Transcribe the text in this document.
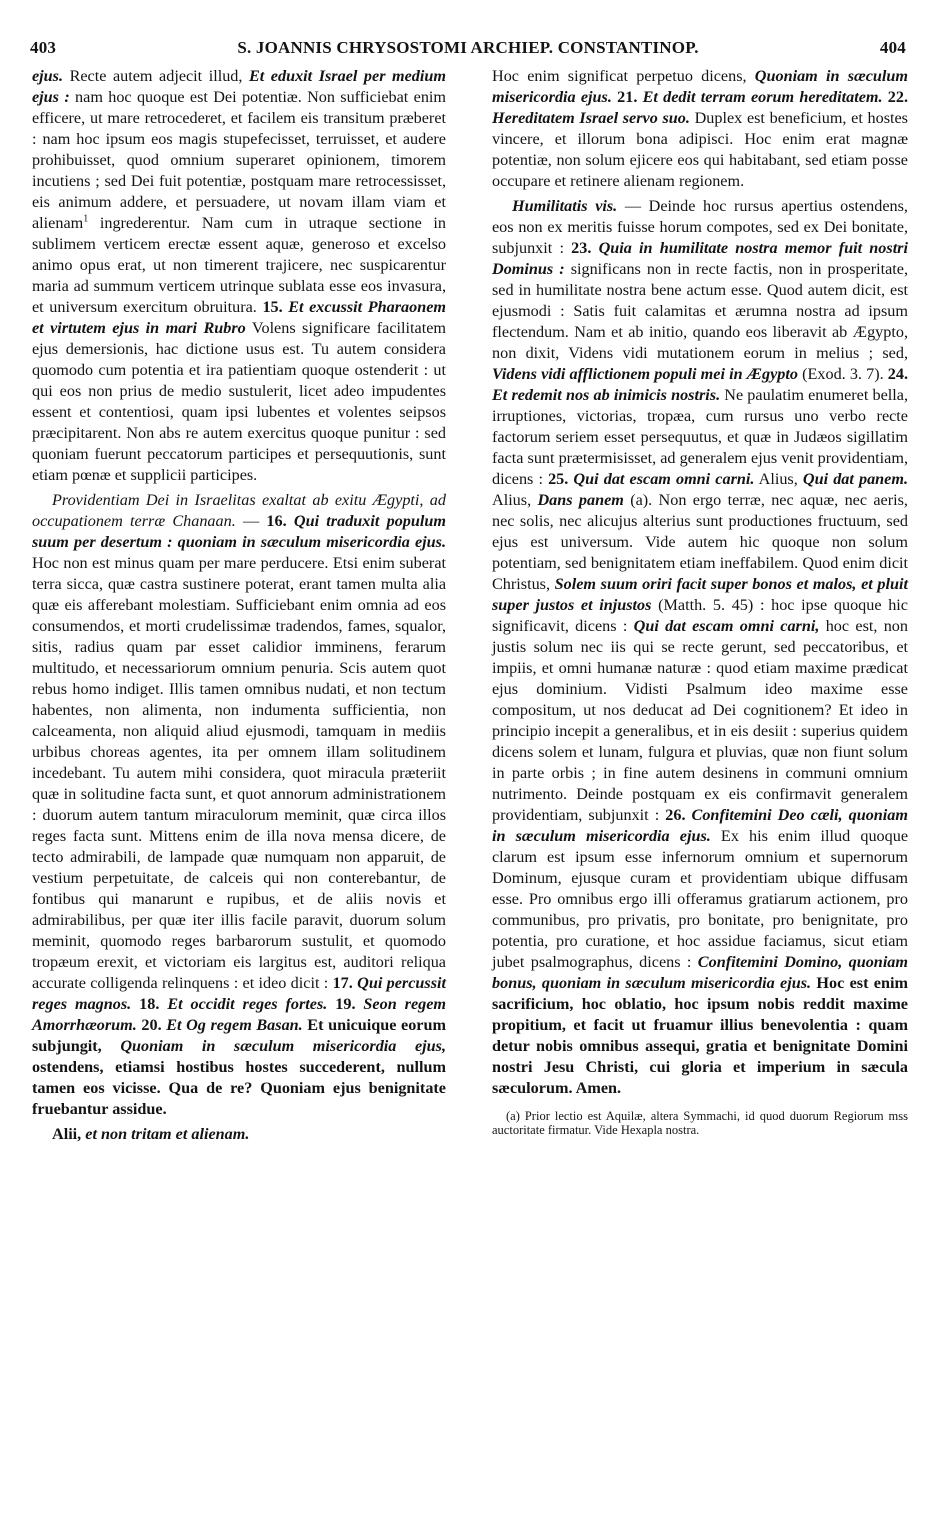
403	S. JOANNIS CHRYSOSTOMI ARCHIEP. CONSTANTINOP.	404

ejus. Recte autem adjecit illud, Et eduxit Israel per medium ejus : nam hoc quoque est Dei potentiæ. Non sufficiebat enim efficere, ut mare retrocederet, et facilem eis transitum præberet : nam hoc ipsum eos magis stupefecisset, terruisset, et audere prohibuisset, quod omnium superaret opinionem, timorem incutiens ; sed Dei fuit potentiæ, postquam mare retrocessisset, eis animum addere, et persuadere, ut novam illam viam et alienam$^1$ ingrederentur. Nam cum in utraque sectione in sublimem verticem erectæ essent aquæ, generoso et excelso animo opus erat, ut non timerent trajicere, nec suspicarentur maria ad summum verticem utrinque sublata esse eos invasura, et universum exercitum obruitura. 15. Et excussit Pharaonem et virtutem ejus in mari Rubro Volens significare facilitatem ejus demersionis, hac dictione usus est. Tu autem considera quomodo cum potentia et ira patientiam quoque ostenderit : ut qui eos non prius de medio sustulerit, licet adeo impudentes essent et contentiosi, quam ipsi lubentes et volentes seipsos præcipitarent. Non abs re autem exercitus quoque punitur : sed quoniam fuerunt peccatorum participes et persequutionis, sunt etiam pœnæ et supplicii participes.

Providentiam Dei in Israelitas exaltat ab exitu Ægypti, ad occupationem terræ Chanaan. — 16. Qui traduxit populum suum per desertum : quoniam in sæculum misericordia ejus. Hoc non est minus quam per mare perducere. Etsi enim suberat terra sicca, quæ castra sustinere poterat, erant tamen multa alia quæ eis afferebant molestiam. Sufficiebant enim omnia ad eos consumendos, et morti crudelissimæ tradendos, fames, squalor, sitis, radius quam par esset calidior imminens, ferarum multitudo, et necessariorum omnium penuria. Scis autem quot rebus homo indiget. Illis tamen omnibus nudati, et non tectum habentes, non alimenta, non indumenta sufficientia, non calceamenta, non aliquid aliud ejusmodi, tamquam in mediis urbibus choreas agentes, ita per omnem illam solitudinem incedebant. Tu autem mihi considera, quot miracula præteriit quæ in solitudine facta sunt, et quot annorum administrationem : duorum autem tantum miraculorum meminit, quæ circa illos reges facta sunt. Mittens enim de illa nova mensa dicere, de tecto admirabili, de lampade quæ numquam non apparuit, de vestium perpetuitate, de calceis qui non conterebantur, de fontibus qui manarunt e rupibus, et de aliis novis et admirabilibus, per quæ iter illis facile paravit, duorum solum meminit, quomodo reges barbarorum sustulit, et quomodo tropæum erexit, et victoriam eis largitus est, auditori reliqua accurate colligenda relinquens : et ideo dicit : 17. Qui percussit reges magnos. 18. Et occidit reges fortes. 19. Seon regem Amorrhæorum. 20. Et Og regem Basan. Et unicuique eorum subjungit, Quoniam in sæculum misericordia ejus, ostendens, etiamsi hostibus hostes succederent, nullum tamen eos vicisse. Qua de re? Quoniam ejus benignitate fruebantur assidue.

Alii, et non tritam et alienam.

Hoc enim significat perpetuo dicens, Quoniam in sæculum misericordia ejus. 21. Et dedit terram eorum hereditatem. 22. Hereditatem Israel servo suo. Duplex est beneficium, et hostes vincere, et illorum bona adipisci. Hoc enim erat magnæ potentiæ, non solum ejicere eos qui habitabant, sed etiam posse occupare et retinere alienam regionem.

Humilitatis vis. — Deinde hoc rursus apertius ostendens, eos non ex meritis fuisse horum compotes, sed ex Dei bonitate, subjunxit : 23. Quia in humilitate nostra memor fuit nostri Dominus : significans non in recte factis, non in prosperitate, sed in humilitate nostra bene actum esse. Quod autem dicit, est ejusmodi : Satis fuit calamitas et ærumna nostra ad ipsum flectendum. Nam et ab initio, quando eos liberavit ab Ægypto, non dixit, Videns vidi mutationem eorum in melius ; sed, Videns vidi afflictionem populi mei in Ægypto (Exod. 3. 7). 24. Et redemit nos ab inimicis nostris. Ne paulatim enumeret bella, irruptiones, victorias, tropæa, cum rursus uno verbo recte factorum seriem esset persequutus, et quæ in Judæos sigillatim facta sunt prætermisisset, ad generalem ejus venit providentiam, dicens : 25. Qui dat escam omni carni. Alius, Qui dat panem. Alius, Dans panem (a). Non ergo terræ, nec aquæ, nec aeris, nec solis, nec alicujus alterius sunt productiones fructuum, sed ejus est universum. Vide autem hic quoque non solum potentiam, sed benignitatem etiam ineffabilem. Quod enim dicit Christus, Solem suum oriri facit super bonos et malos, et pluit super justos et injustos (Matth. 5. 45) : hoc ipse quoque hic significavit, dicens : Qui dat escam omni carni, hoc est, non justis solum nec iis qui se recte gerunt, sed peccatoribus, et impiis, et omni humanæ naturæ : quod etiam maxime prædicat ejus dominium. Vidisti Psalmum ideo maxime esse compositum, ut nos deducat ad Dei cognitionem? Et ideo in principio incepit a generalibus, et in eis desiit : superius quidem dicens solem et lunam, fulgura et pluvias, quæ non fiunt solum in parte orbis ; in fine autem desinens in communi omnium nutrimento. Deinde postquam ex eis confirmavit generalem providentiam, subjunxit : 26. Confitemini Deo cæli, quoniam in sæculum misericordia ejus. Ex his enim illud quoque clarum est ipsum esse infernorum omnium et supernorum Dominum, ejusque curam et providentiam ubique diffusam esse. Pro omnibus ergo illi offeramus gratiarum actionem, pro communibus, pro privatis, pro bonitate, pro benignitate, pro potentia, pro curatione, et hoc assidue faciamus, sicut etiam jubet psalmographus, dicens : Confitemini Domino, quoniam bonus, quoniam in sæculum misericordia ejus. Hoc est enim sacrificium, hoc oblatio, hoc ipsum nobis reddit maxime propitium, et facit ut fruamur illius benevolentia : quam detur nobis omnibus assequi, gratia et benignitate Domini nostri Jesu Christi, cui gloria et imperium in sæcula sæculorum. Amen.

(a) Prior lectio est Aquilæ, altera Symmachi, id quod duorum Regiorum mss auctoritate firmatur. Vide Hexapla nostra.
